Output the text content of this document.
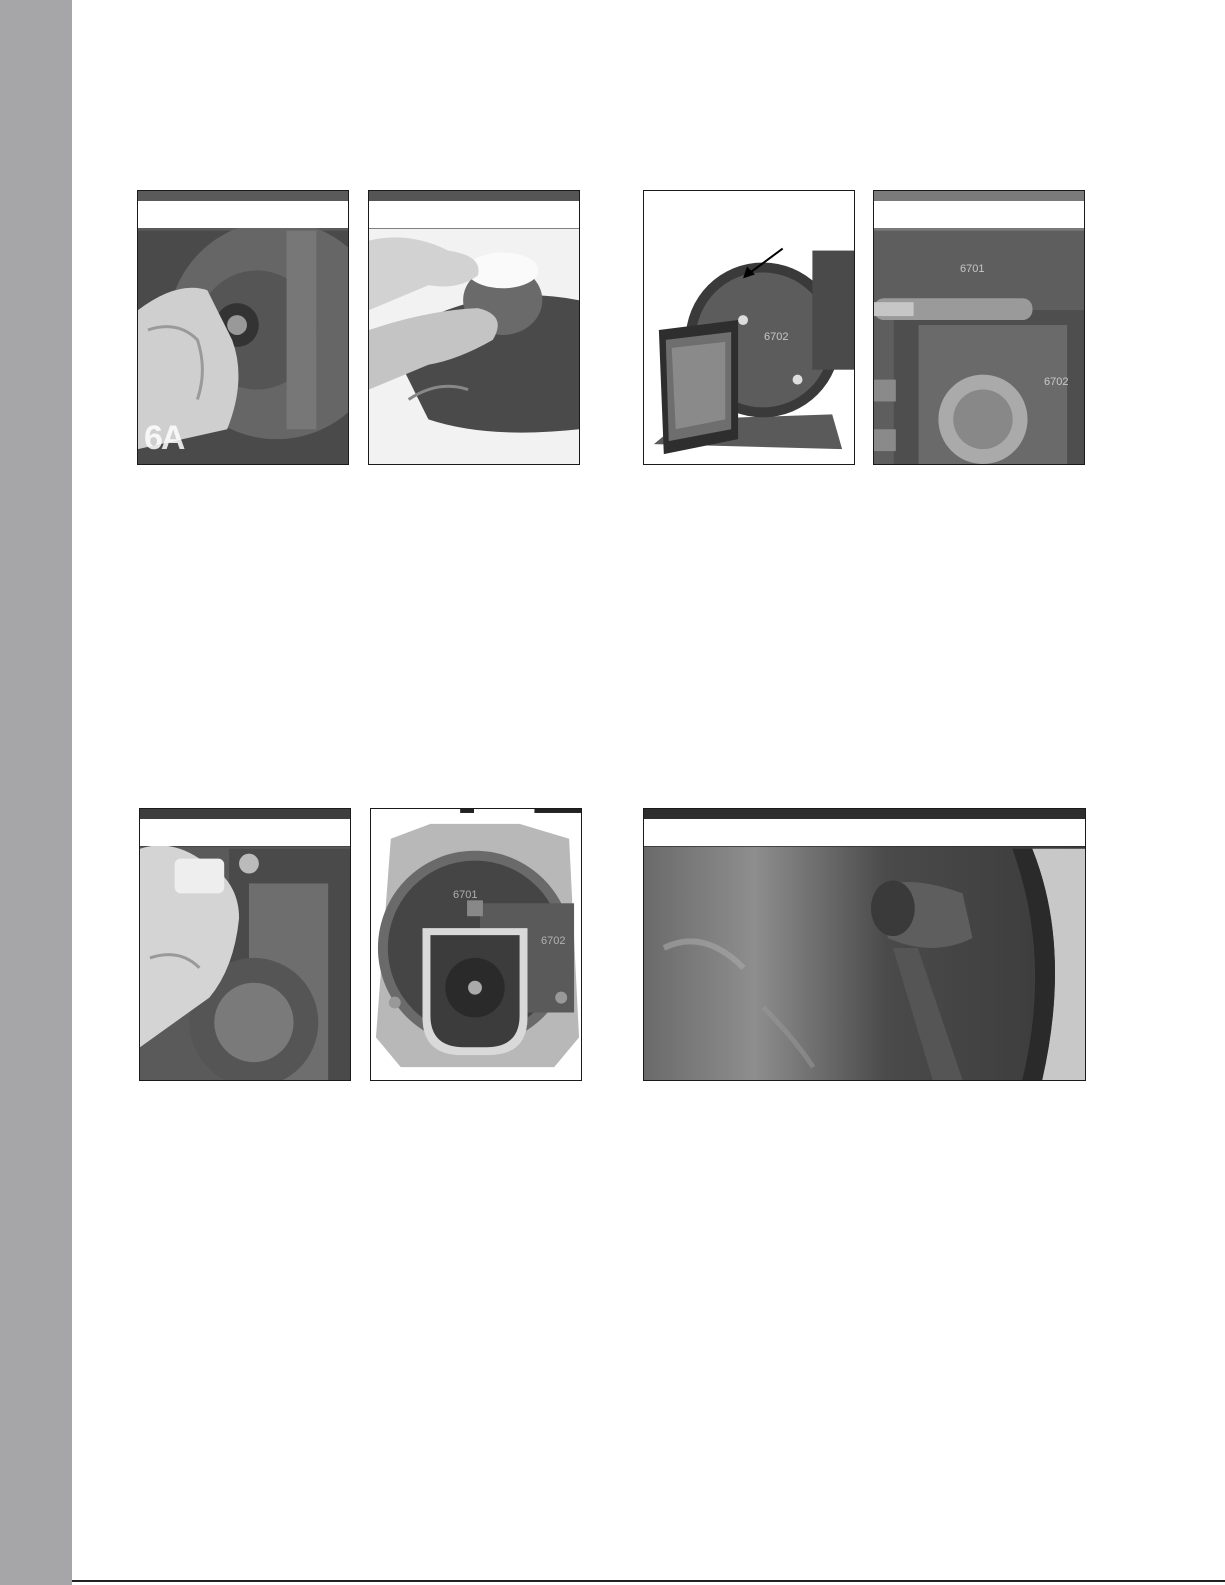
6A
6702
6701
6702
6701
6702
